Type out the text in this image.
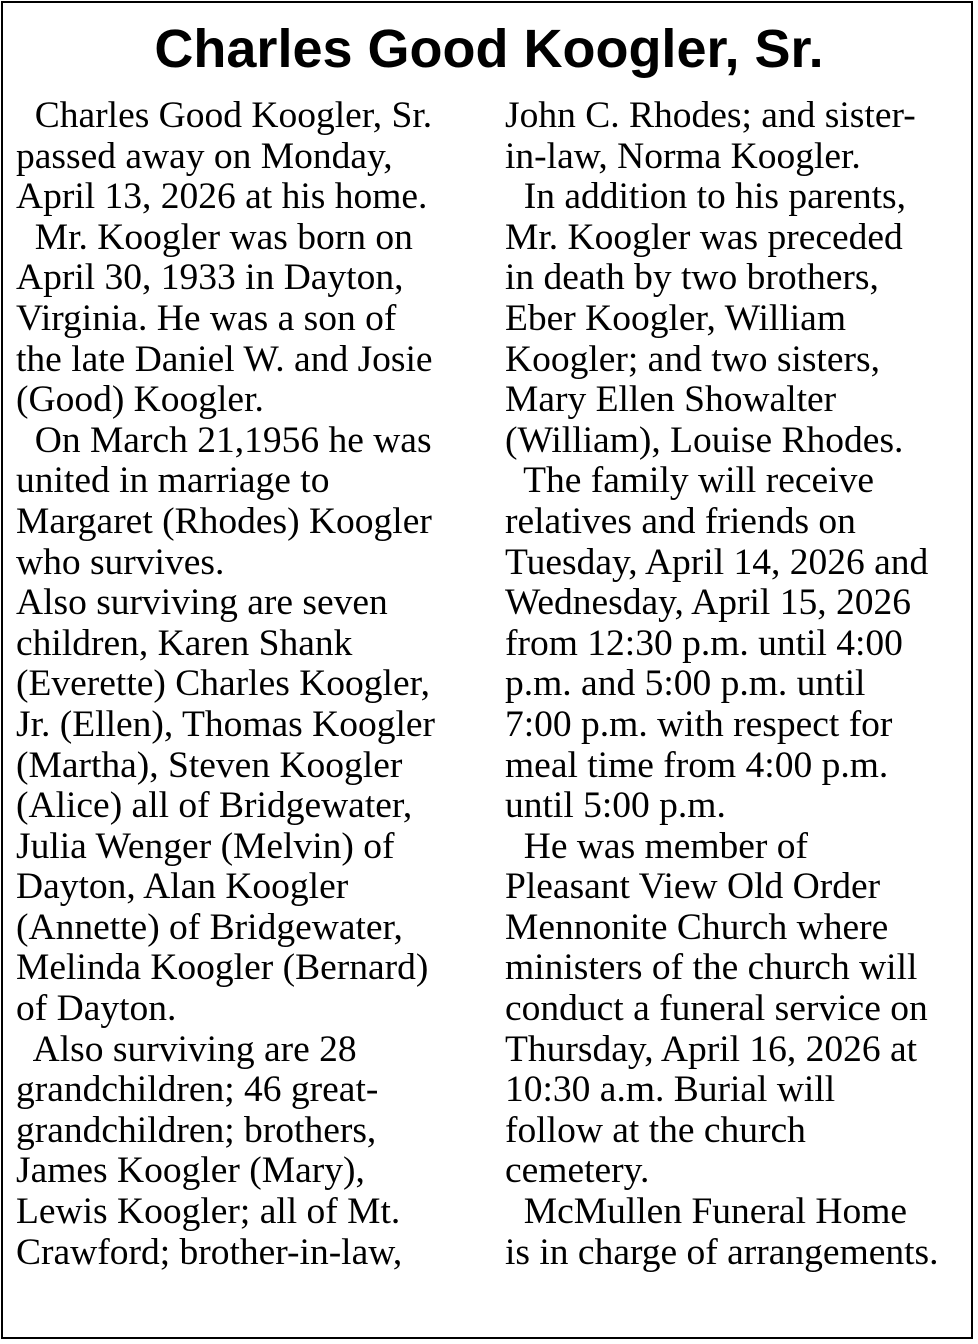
Charles Good Koogler, Sr.
Charles Good Koogler, Sr.
passed away on Monday,
April 13, 2026 at his home.
Mr. Koogler was born on
April 30, 1933 in Dayton,
Virginia. He was a son of
the late Daniel W. and Josie
(Good) Koogler.
On March 21,1956 he was
united in marriage to
Margaret (Rhodes) Koogler
who survives.
Also surviving are seven
children, Karen Shank
(Everette) Charles Koogler,
Jr. (Ellen), Thomas Koogler
(Martha), Steven Koogler
(Alice) all of Bridgewater,
Julia Wenger (Melvin) of
Dayton, Alan Koogler
(Annette) of Bridgewater,
Melinda Koogler (Bernard)
of Dayton.
Also surviving are 28
grandchildren; 46 great-
grandchildren; brothers,
James Koogler (Mary),
Lewis Koogler; all of Mt.
Crawford; brother-in-law,
John C. Rhodes; and sister-
in-law, Norma Koogler.
In addition to his parents,
Mr. Koogler was preceded
in death by two brothers,
Eber Koogler, William
Koogler; and two sisters,
Mary Ellen Showalter
(William), Louise Rhodes.
The family will receive
relatives and friends on
Tuesday, April 14, 2026 and
Wednesday, April 15, 2026
from 12:30 p.m. until 4:00
p.m. and 5:00 p.m. until
7:00 p.m. with respect for
meal time from 4:00 p.m.
until 5:00 p.m.
He was member of
Pleasant View Old Order
Mennonite Church where
ministers of the church will
conduct a funeral service on
Thursday, April 16, 2026 at
10:30 a.m. Burial will
follow at the church
cemetery.
McMullen Funeral Home
is in charge of arrangements.
